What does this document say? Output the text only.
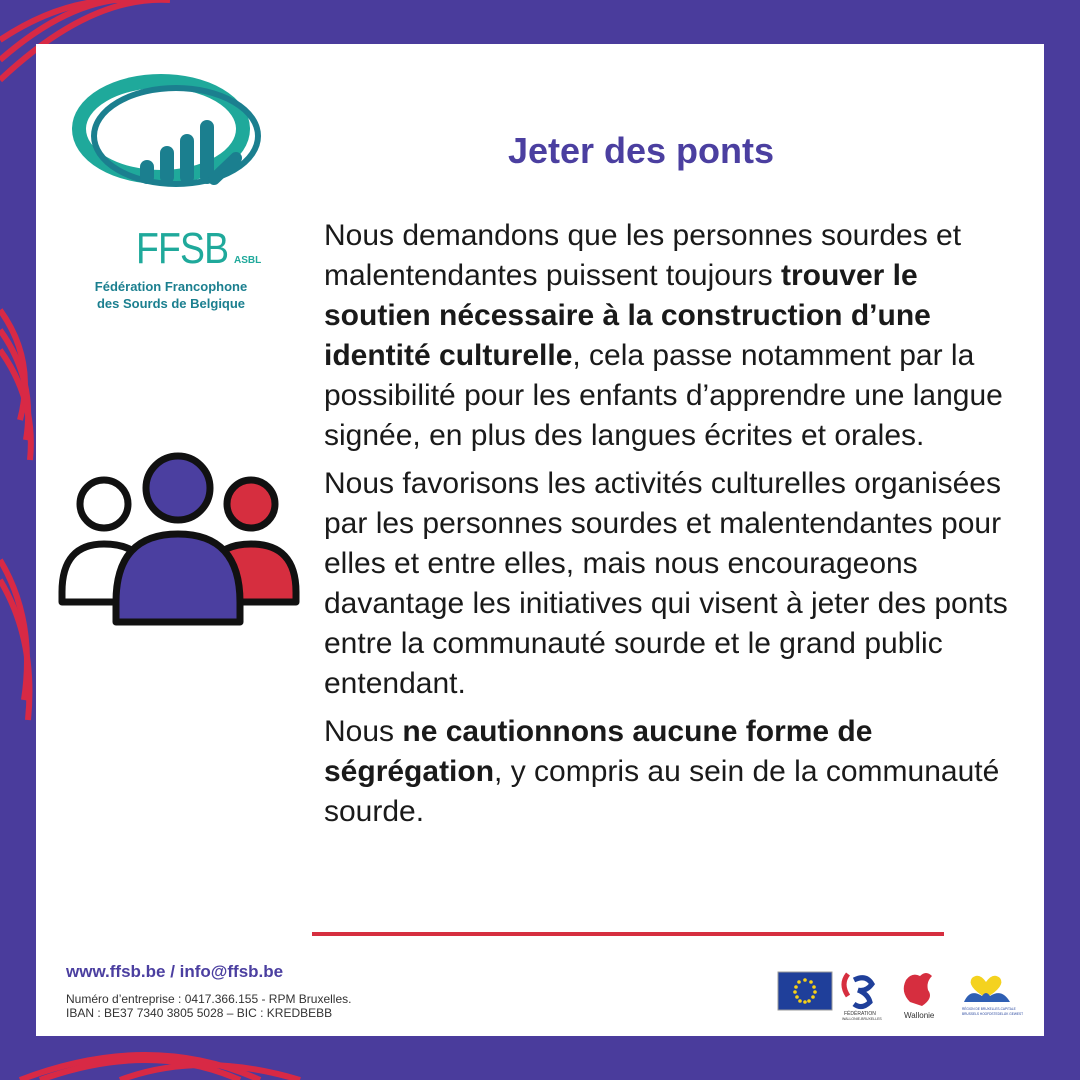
FFSB ASBL
Fédération Francophone
des Sourds de Belgique
Jeter des ponts

Nous demandons que les personnes sourdes et malentendantes puissent toujours trouver le soutien nécessaire à la construction d’une identité culturelle, cela passe notamment par la possibilité pour les enfants d’apprendre une langue signée, en plus des langues écrites et orales.

Nous favorisons les activités culturelles organisées par les personnes sourdes et malentendantes pour elles et entre elles, mais nous encourageons davantage les initiatives qui visent à jeter des ponts entre la communauté sourde et le grand public entendant.

Nous ne cautionnons aucune forme de ségrégation, y compris au sein de la communauté sourde.

www.ffsb.be / info@ffsb.be
Numéro d’entreprise : 0417.366.155 - RPM Bruxelles.
IBAN : BE37 7340 3805 5028 – BIC : KREDBEBB	FÉDÉRATION
WALLONIE-BRUXELLES	Wallonie
RÉGION DE BRUXELLES-CAPITALE
BRUSSELS HOOFDSTEDELIJK GEWEST
